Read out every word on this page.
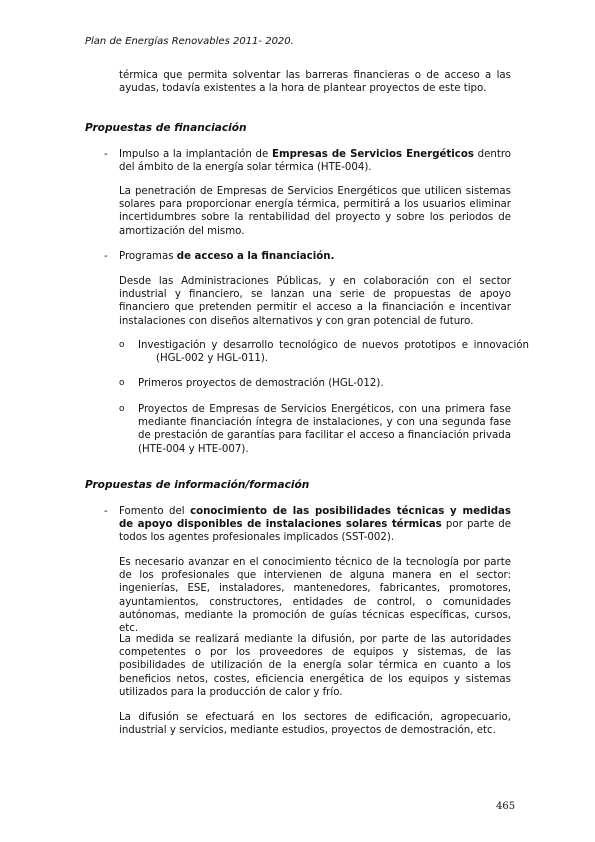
Plan de Energías Renovables 2011- 2020.
térmica que permita solventar las barreras financieras o de acceso a las ayudas, todavía existentes a la hora de plantear proyectos de este tipo.
Propuestas de financiación
- Impulso a la implantación de Empresas de Servicios Energéticos dentro del ámbito de la energía solar térmica (HTE-004).
La penetración de Empresas de Servicios Energéticos que utilicen sistemas solares para proporcionar energía térmica, permitirá a los usuarios eliminar incertidumbres sobre la rentabilidad del proyecto y sobre los periodos de amortización del mismo.
- Programas de acceso a la financiación.
Desde las Administraciones Públicas, y en colaboración con el sector industrial y financiero, se lanzan una serie de propuestas de apoyo financiero que pretenden permitir el acceso a la financiación e incentivar instalaciones con diseños alternativos y con gran potencial de futuro.
o Investigación y desarrollo tecnológico de nuevos prototipos e innovación (HGL-002 y HGL-011).
o Primeros proyectos de demostración (HGL-012).
o Proyectos de Empresas de Servicios Energéticos, con una primera fase mediante financiación íntegra de instalaciones, y con una segunda fase de prestación de garantías para facilitar el acceso a financiación privada (HTE-004 y HTE-007).
Propuestas de información/formación
- Fomento del conocimiento de las posibilidades técnicas y medidas de apoyo disponibles de instalaciones solares térmicas por parte de todos los agentes profesionales implicados (SST-002).
Es necesario avanzar en el conocimiento técnico de la tecnología por parte de los profesionales que intervienen de alguna manera en el sector: ingenierías, ESE, instaladores, mantenedores, fabricantes, promotores, ayuntamientos, constructores, entidades de control, o comunidades autónomas, mediante la promoción de guías técnicas específicas, cursos, etc.
La medida se realizará mediante la difusión, por parte de las autoridades competentes o por los proveedores de equipos y sistemas, de las posibilidades de utilización de la energía solar térmica en cuanto a los beneficios netos, costes, eficiencia energética de los equipos y sistemas utilizados para la producción de calor y frío.
La difusión se efectuará en los sectores de edificación, agropecuario, industrial y servicios, mediante estudios, proyectos de demostración, etc.
465
